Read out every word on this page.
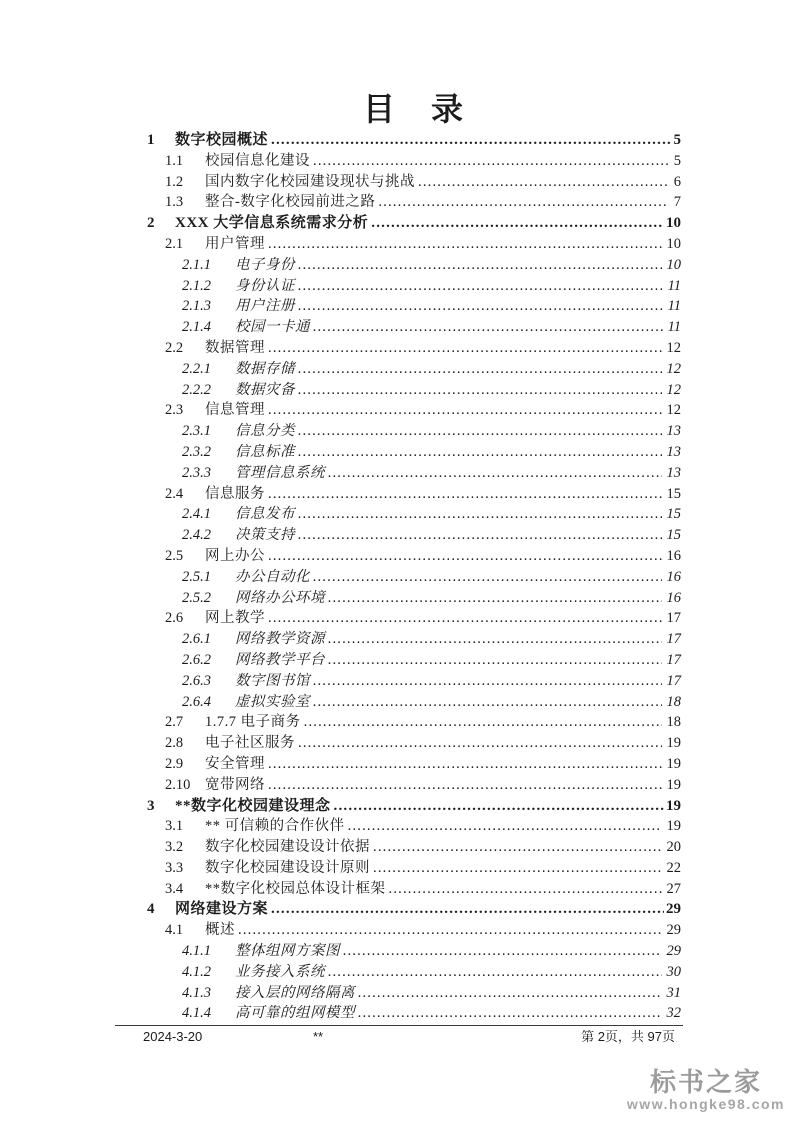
目　录
1	数字校园概述 .....	5
1.1	校园信息化建设 .....	5
1.2	国内数字化校园建设现状与挑战 .....	6
1.3	整合-数字化校园前进之路 .....	7
2	XXX 大学信息系统需求分析 .....	10
2.1	用户管理 .....	10
2.1.1	电子身份 .....	10
2.1.2	身份认证 .....	11
2.1.3	用户注册 .....	11
2.1.4	校园一卡通 .....	11
2.2	数据管理 .....	12
2.2.1	数据存储 .....	12
2.2.2	数据灾备 .....	12
2.3	信息管理 .....	12
2.3.1	信息分类 .....	13
2.3.2	信息标准 .....	13
2.3.3	管理信息系统 .....	13
2.4	信息服务 .....	15
2.4.1	信息发布 .....	15
2.4.2	决策支持 .....	15
2.5	网上办公 .....	16
2.5.1	办公自动化 .....	16
2.5.2	网络办公环境 .....	16
2.6	网上教学 .....	17
2.6.1	网络教学资源 .....	17
2.6.2	网络教学平台 .....	17
2.6.3	数字图书馆 .....	17
2.6.4	虚拟实验室 .....	18
2.7	1.7.7 电子商务 .....	18
2.8	电子社区服务 .....	19
2.9	安全管理 .....	19
2.10	宽带网络 .....	19
3	**数字化校园建设理念 .....	19
3.1	** 可信赖的合作伙伴 .....	19
3.2	数字化校园建设设计依据 .....	20
3.3	数字化校园建设设计原则 .....	22
3.4	**数字化校园总体设计框架 .....	27
4	网络建设方案 .....	29
4.1	概述 .....	29
4.1.1	整体组网方案图 .....	29
4.1.2	业务接入系统 .....	30
4.1.3	接入层的网络隔离 .....	31
4.1.4	高可靠的组网模型 .....	32
2024-3-20	**	第 2页，共 97页
标书之家
www.hongke98.com
